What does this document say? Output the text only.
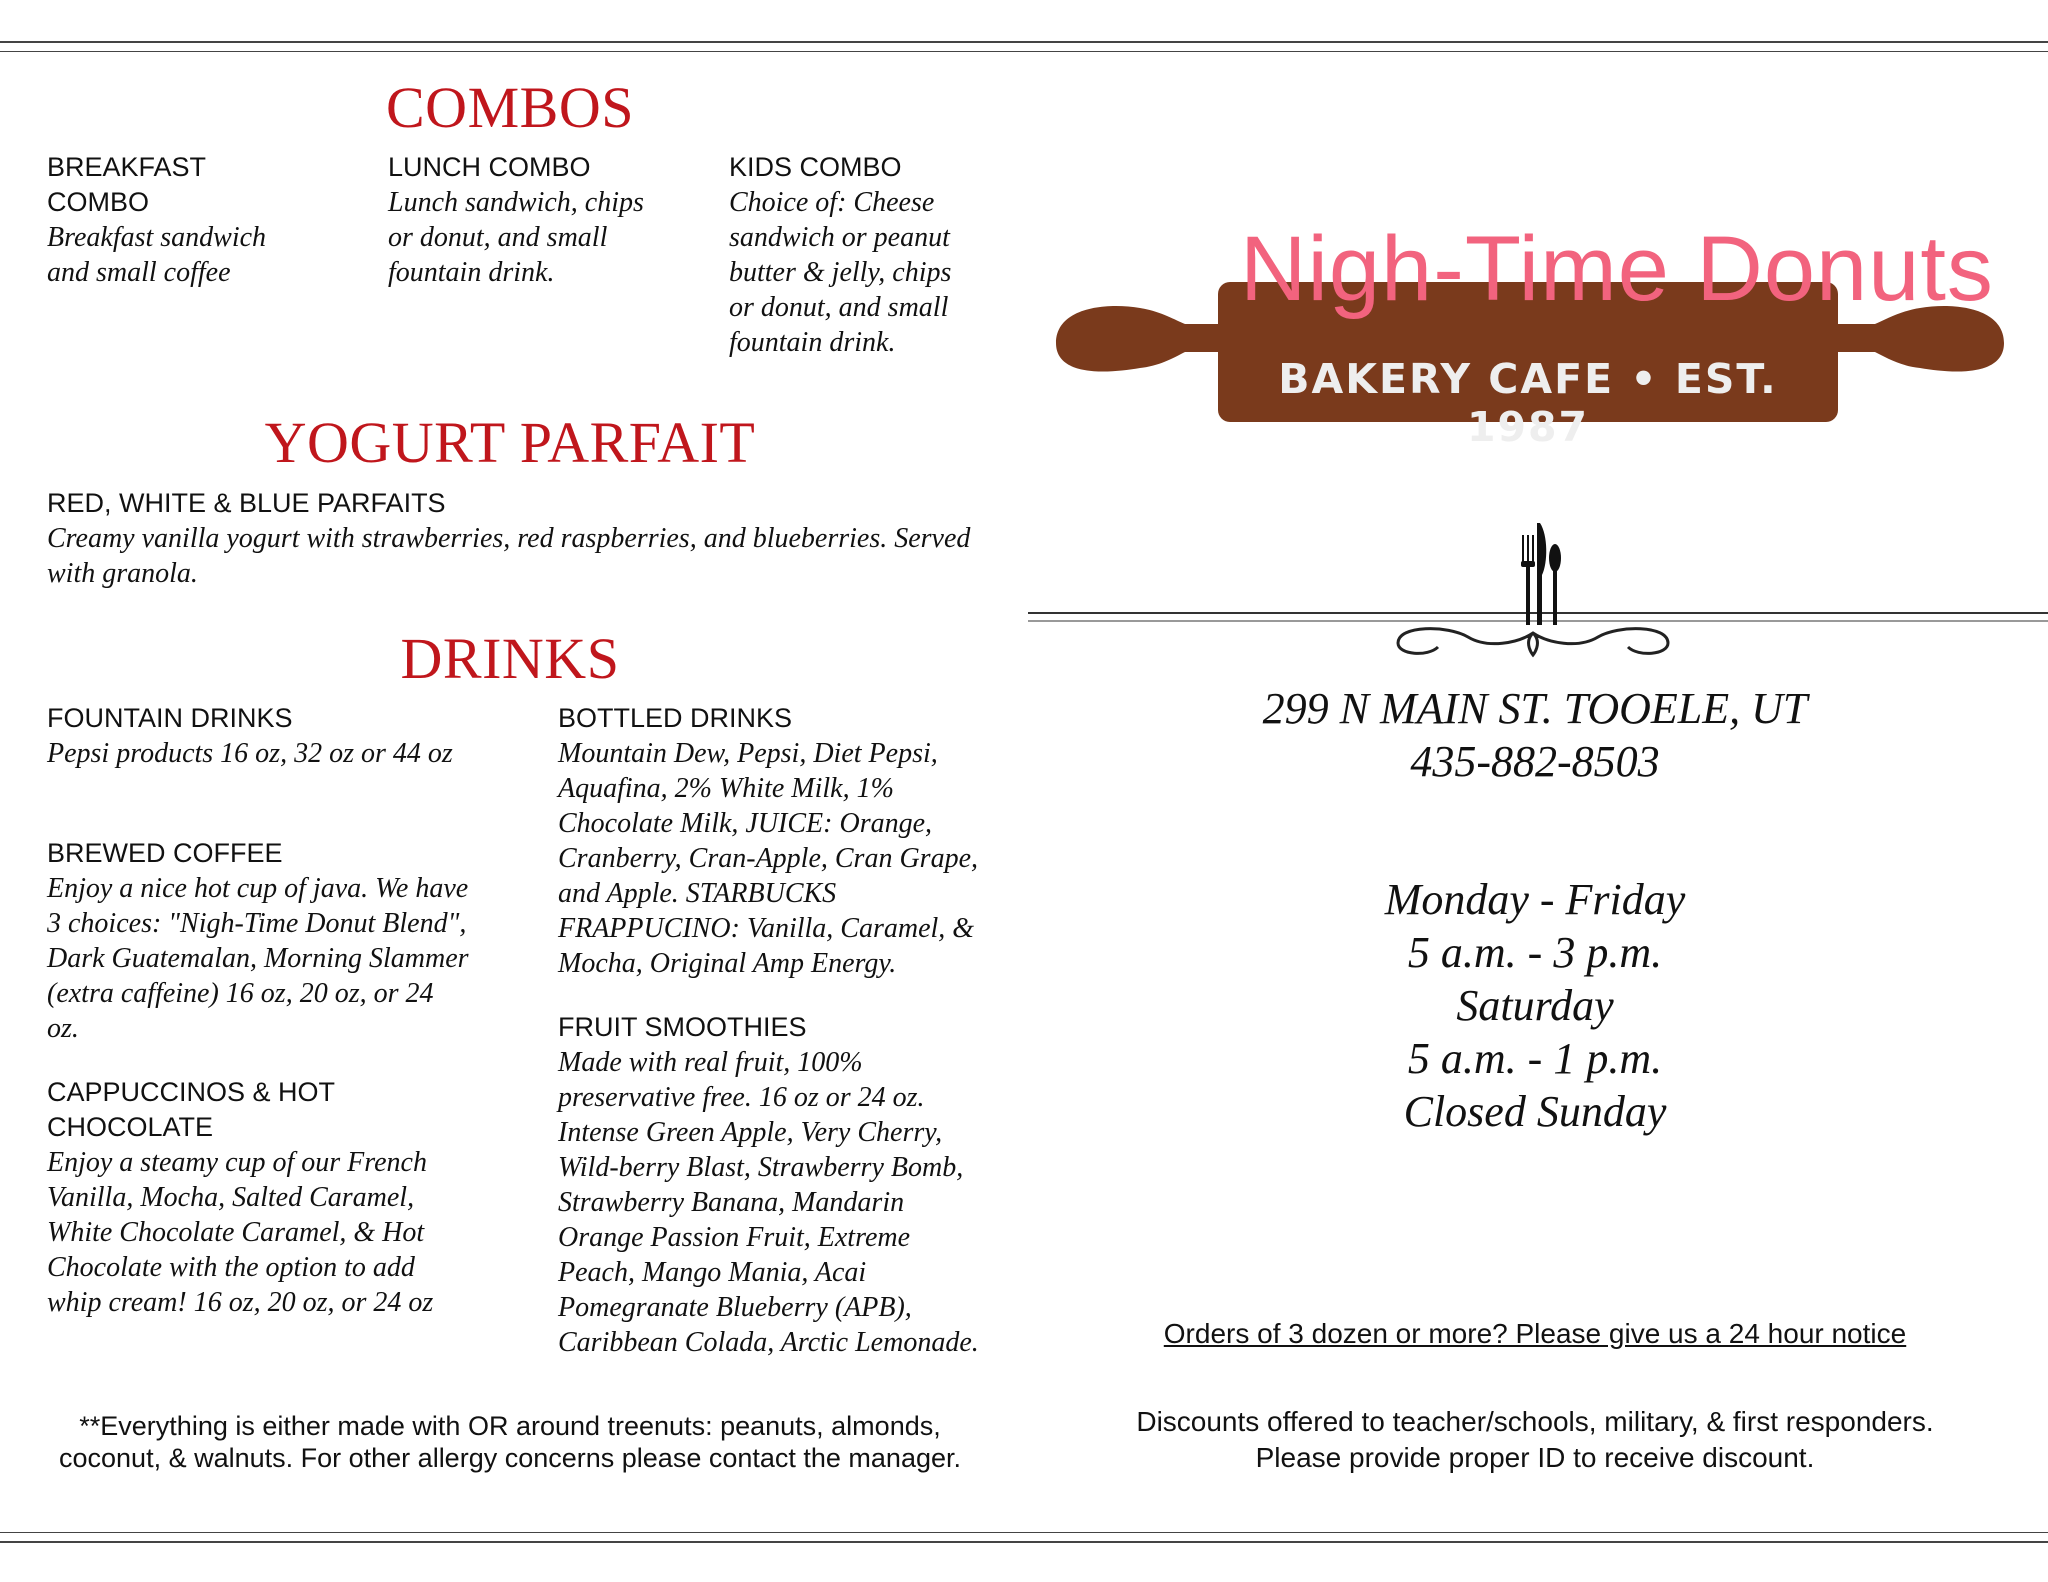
COMBOS
BREAKFAST COMBO
Breakfast sandwich and small coffee
LUNCH COMBO
Lunch sandwich, chips or donut, and small fountain drink.
KIDS COMBO
Choice of: Cheese sandwich or peanut butter & jelly, chips or donut, and small fountain drink.
YOGURT PARFAIT
RED, WHITE & BLUE PARFAITS
Creamy vanilla yogurt with strawberries, red raspberries, and blueberries. Served with granola.
DRINKS
FOUNTAIN DRINKS
Pepsi products 16 oz, 32 oz or 44 oz
BREWED COFFEE
Enjoy a nice hot cup of java. We have 3 choices: "Nigh-Time Donut Blend", Dark Guatemalan, Morning Slammer (extra caffeine) 16 oz, 20 oz, or 24 oz.
CAPPUCCINOS & HOT CHOCOLATE
Enjoy a steamy cup of our French Vanilla, Mocha, Salted Caramel, White Chocolate Caramel, & Hot Chocolate with the option to add whip cream! 16 oz, 20 oz, or 24 oz
BOTTLED DRINKS
Mountain Dew, Pepsi, Diet Pepsi, Aquafina, 2% White Milk, 1% Chocolate Milk, JUICE: Orange, Cranberry, Cran-Apple, Cran Grape, and Apple. STARBUCKS FRAPPUCINO: Vanilla, Caramel, & Mocha, Original Amp Energy.
FRUIT SMOOTHIES
Made with real fruit, 100% preservative free. 16 oz or 24 oz. Intense Green Apple, Very Cherry, Wild-berry Blast, Strawberry Bomb, Strawberry Banana, Mandarin Orange Passion Fruit, Extreme Peach, Mango Mania, Acai Pomegranate Blueberry (APB), Caribbean Colada, Arctic Lemonade.
**Everything is either made with OR around treenuts: peanuts, almonds, coconut, & walnuts. For other allergy concerns please contact the manager.
Nigh-Time Donuts
BAKERY CAFE • EST. 1987
299 N MAIN ST. TOOELE, UT
435-882-8503
Monday - Friday
5 a.m. - 3 p.m.
Saturday
5 a.m. - 1 p.m.
Closed Sunday
Orders of 3 dozen or more? Please give us a 24 hour notice
Discounts offered to teacher/schools, military, & first responders.
Please provide proper ID to receive discount.
